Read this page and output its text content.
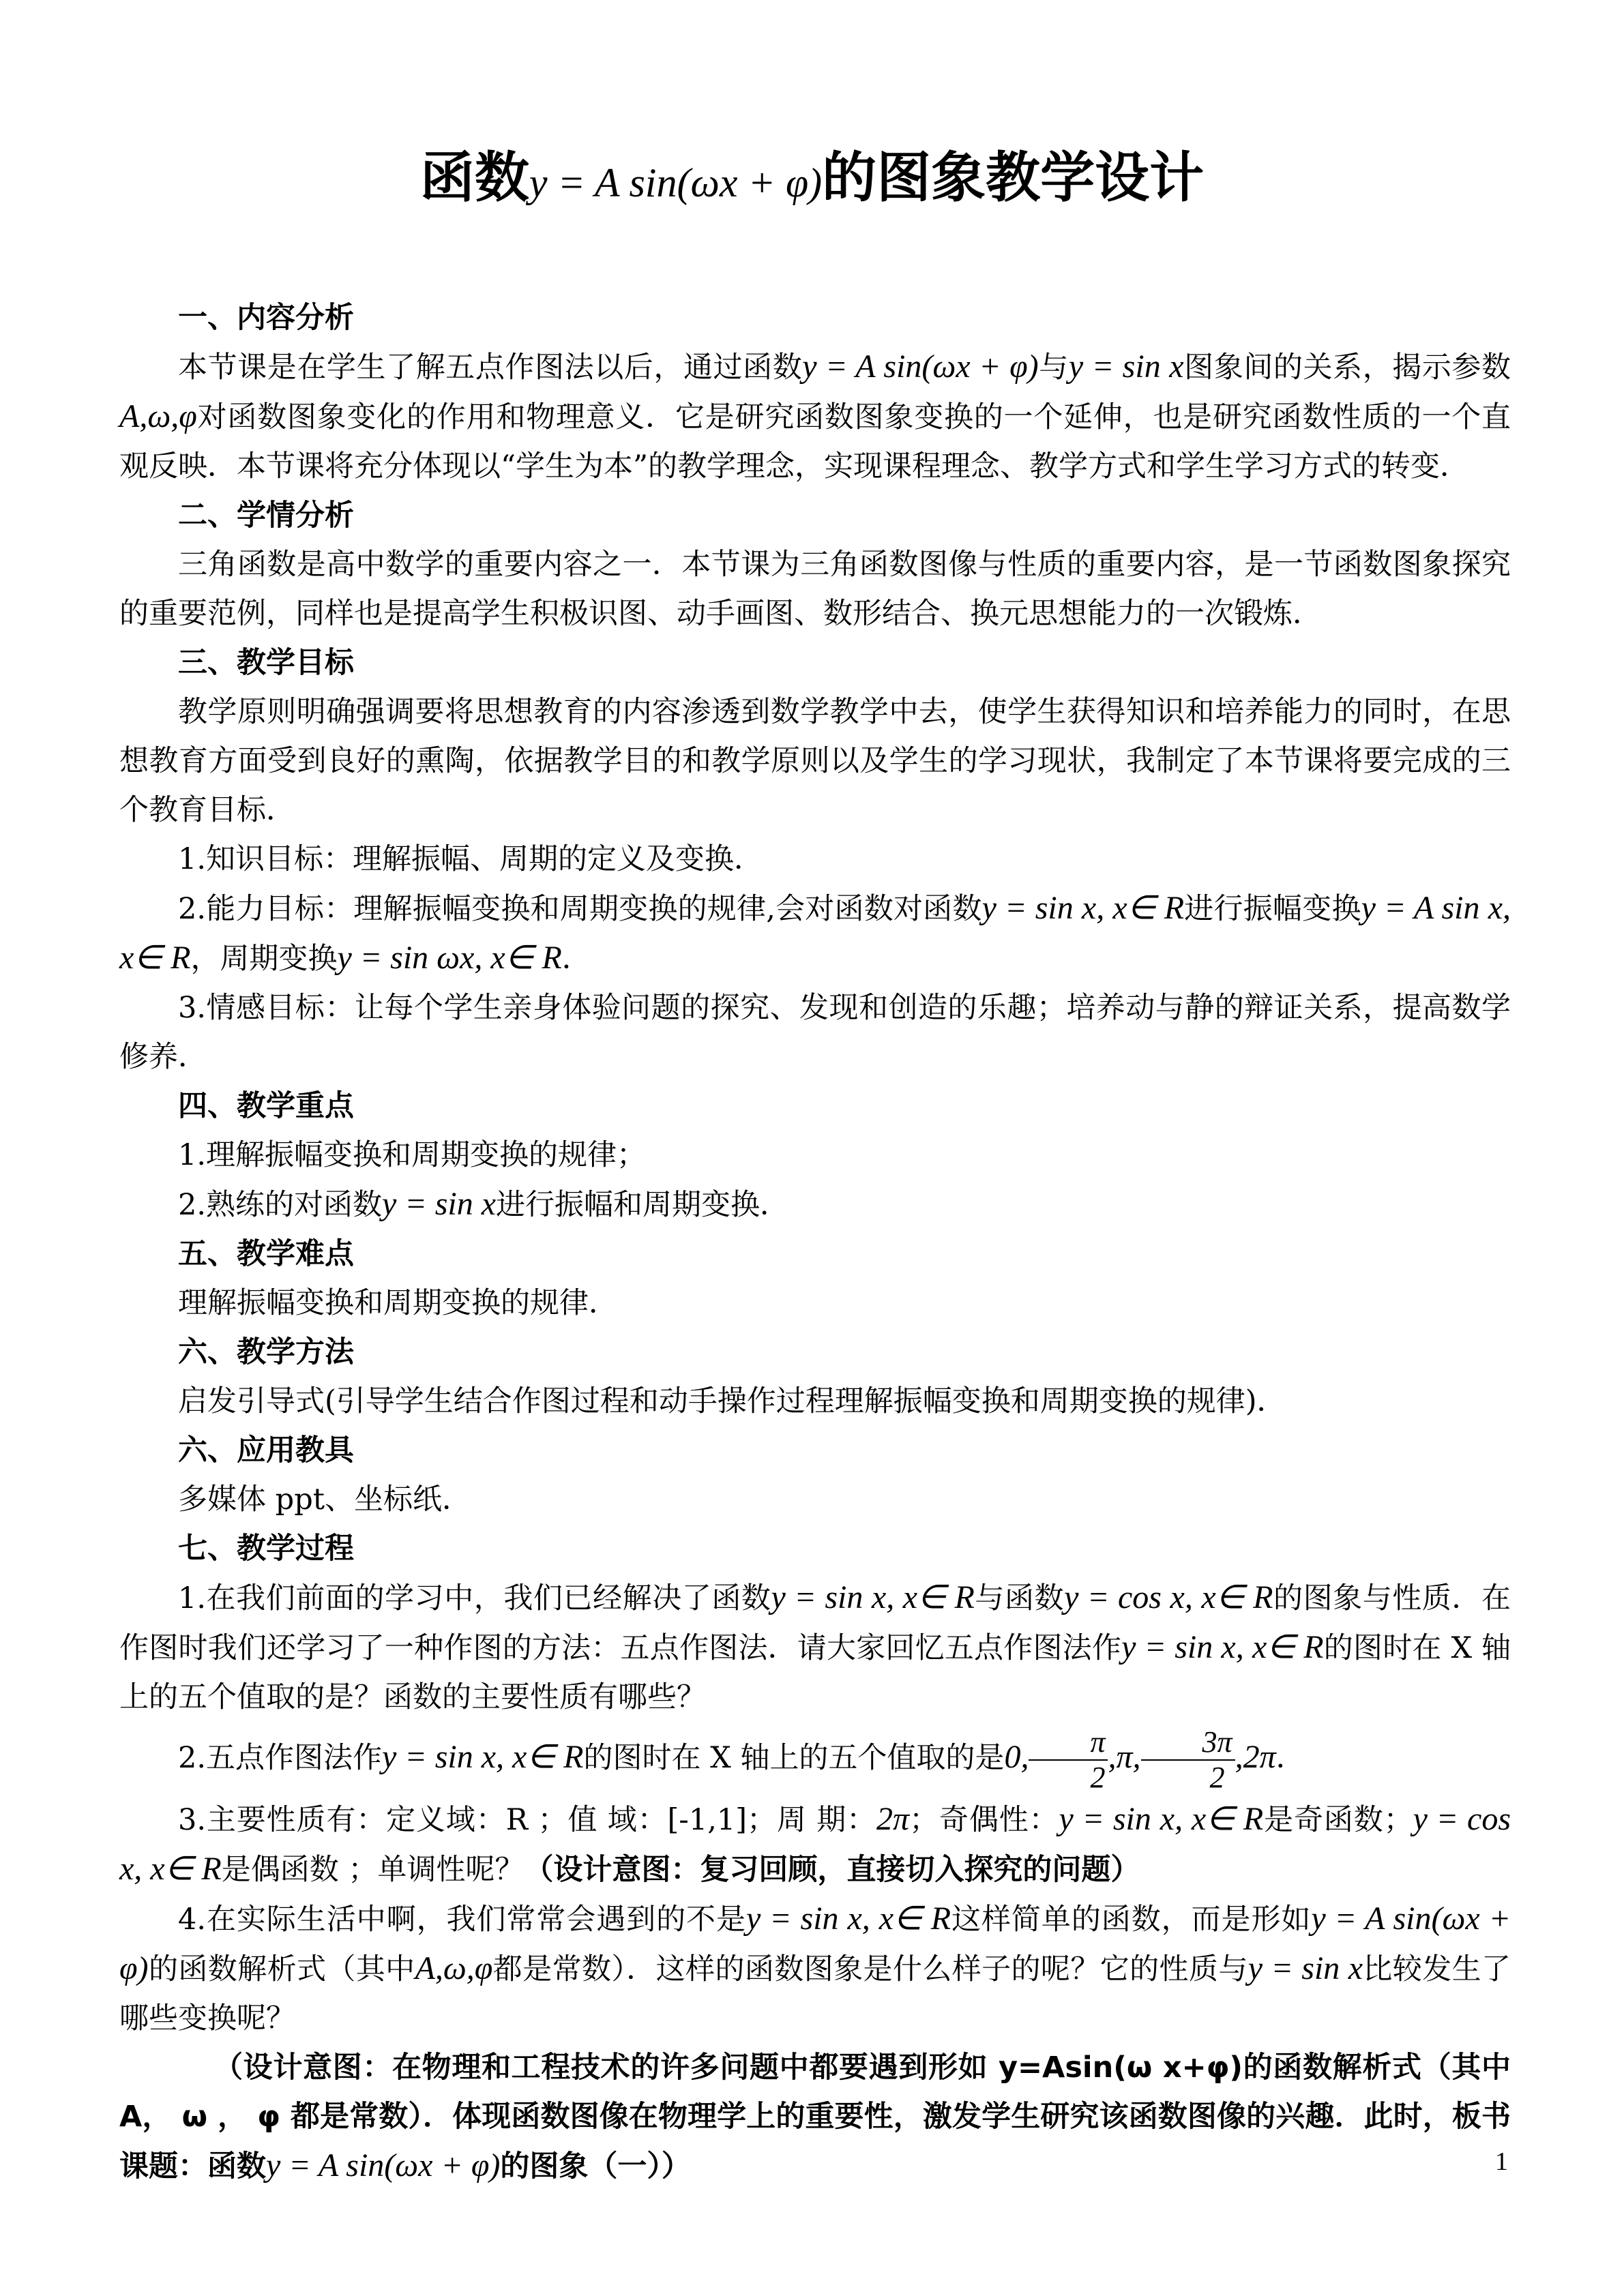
函数y = A sin(ωx + φ)的图象教学设计

一、内容分析

本节课是在学生了解五点作图法以后，通过函数y = A sin(ωx + φ)与y = sin x图象间的关系，揭示参数A,ω,φ对函数图象变化的作用和物理意义．它是研究函数图象变换的一个延伸，也是研究函数性质的一个直观反映．本节课将充分体现以“学生为本”的教学理念，实现课程理念、教学方式和学生学习方式的转变．

二、学情分析

三角函数是高中数学的重要内容之一．本节课为三角函数图像与性质的重要内容，是一节函数图象探究的重要范例，同样也是提高学生积极识图、动手画图、数形结合、换元思想能力的一次锻炼．

三、教学目标

教学原则明确强调要将思想教育的内容渗透到数学教学中去，使学生获得知识和培养能力的同时，在思想教育方面受到良好的熏陶，依据教学目的和教学原则以及学生的学习现状，我制定了本节课将要完成的三个教育目标．

1.知识目标：理解振幅、周期的定义及变换．

2.能力目标：理解振幅变换和周期变换的规律,会对函数对函数y = sin x, x∈ R进行振幅变换y = A sin x, x∈ R，周期变换y = sin ωx, x∈ R．

3.情感目标：让每个学生亲身体验问题的探究、发现和创造的乐趣；培养动与静的辩证关系，提高数学修养．

四、教学重点

1.理解振幅变换和周期变换的规律；

2.熟练的对函数y = sin x进行振幅和周期变换．

五、教学难点

理解振幅变换和周期变换的规律．

六、教学方法

启发引导式(引导学生结合作图过程和动手操作过程理解振幅变换和周期变换的规律)．

六、应用教具

多媒体 ppt、坐标纸．

七、教学过程

1.在我们前面的学习中，我们已经解决了函数y = sin x, x∈ R与函数y = cos x, x∈ R的图象与性质．在作图时我们还学习了一种作图的方法：五点作图法．请大家回忆五点作图法作y = sin x, x∈ R的图时在 X 轴上的五个值取的是？函数的主要性质有哪些？

2.五点作图法作y = sin x, x∈ R的图时在 X 轴上的五个值取的是0, $\frac{\pi}{2} ,\pi$, $\frac{3\pi}{2} ,2\pi$．

3.主要性质有：定义域：R ；值 域：[-1,1]；周 期：2π；奇偶性：y = sin x, x∈ R是奇函数；y = cos x, x∈ R是偶函数 ；单调性呢？（设计意图：复习回顾，直接切入探究的问题）

4.在实际生活中啊，我们常常会遇到的不是y = sin x, x∈ R这样简单的函数，而是形如y = A sin(ωx + φ)的函数解析式（其中A,ω,φ都是常数）．这样的函数图象是什么样子的呢？它的性质与y = sin x比较发生了哪些变换呢？

（设计意图：在物理和工程技术的许多问题中都要遇到形如 y=Asin(ω x+φ)的函数解析式（其中 A， ω ， φ 都是常数）．体现函数图像在物理学上的重要性，激发学生研究该函数图像的兴趣．此时，板书课题：函数y = A sin(ωx + φ)的图象（一））	1
